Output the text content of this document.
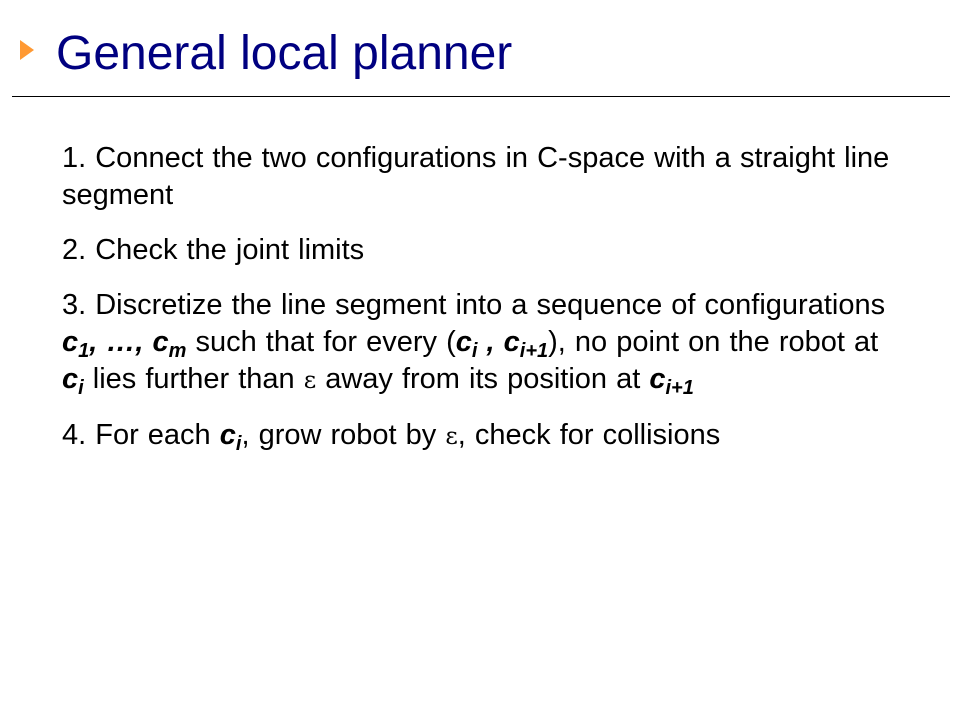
General local planner

1. Connect the two configurations in C-space with a straight line segment

2. Check the joint limits

3. Discretize the line segment into a sequence of configurations $c_1$, …, $c_m$ such that for every ($c_i$ , $c_{i+1}$), no point on the robot at $c_i$ lies further than ε away from its position at $c_{i+1}$

4. For each $c_i$, grow robot by ε, check for collisions
